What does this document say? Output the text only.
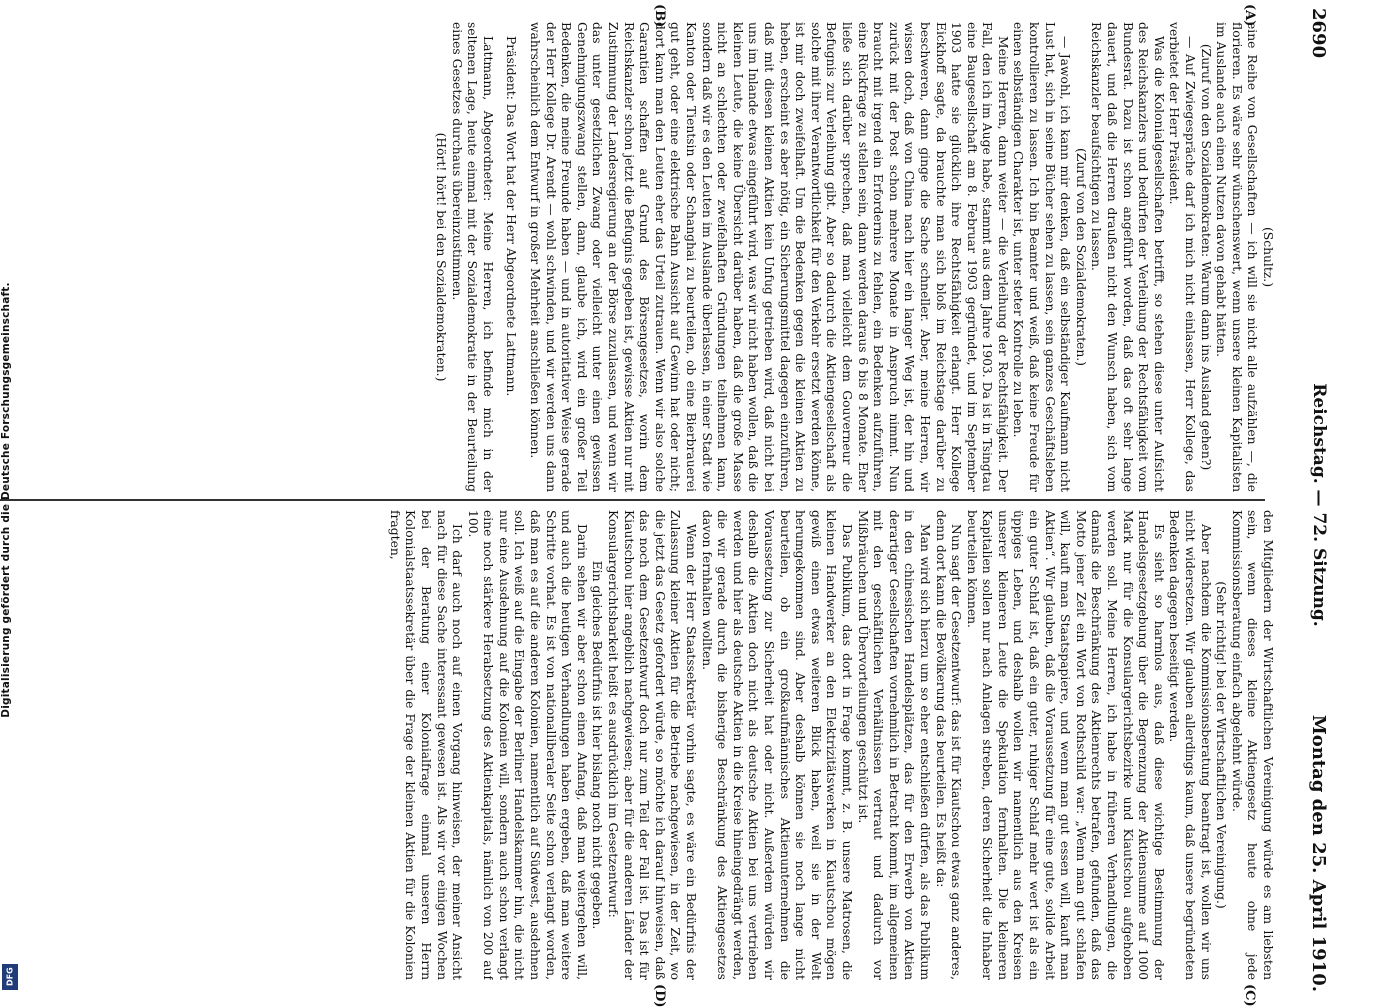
2690
Reichstag. — 72. Sitzung.
Montag den 25. April 1910.
(A)
(B)
(C)
(D)

(Schultz.)

eine Reihe von Gesellschaften — ich will sie nicht alle aufzählen —, die florieren. Es wäre sehr wünschenswert, wenn unsere kleinen Kapitalisten im Auslande auch einen Nutzen davon gehabt hätten.

(Zuruf von den Sozialdemokraten: Warum dann ins Ausland gehen?)

— Auf Zwiegespräche darf ich mich nicht einlassen, Herr Kollege, das verbietet der Herr Präsident.

Was die Kolonialgesellschaften betrifft, so stehen diese unter Aufsicht des Reichskanzlers und bedürfen der Verleihung der Rechtsfähigkeit vom Bundesrat. Dazu ist schon angeführt worden, daß das oft sehr lange dauert, und daß die Herren draußen nicht den Wunsch haben, sich vom Reichskanzler beaufsichtigen zu lassen.

(Zuruf von den Sozialdemokraten.)

— Jawohl, ich kann mir denken, daß ein selbständiger Kaufmann nicht Lust hat, sich in seine Bücher sehen zu lassen, sein ganzes Geschäftsleben kontrollieren zu lassen. Ich bin Beamter und weiß, daß keine Freude für einen selbständigen Charakter ist, unter steter Kontrolle zu leben.

Meine Herren, dann weiter — die Verleihung der Rechtsfähigkeit. Der Fall, den ich im Auge habe, stammt aus dem Jahre 1903. Da ist in Tsingtau eine Baugesellschaft am 8. Februar 1903 gegründet, und im September 1903 hatte sie glücklich ihre Rechtsfähigkeit erlangt. Herr Kollege Eickhoff sagte, da brauchte man sich bloß im Reichstage darüber zu beschweren, dann ginge die Sache schneller. Aber, meine Herren, wir wissen doch, daß von China nach hier ein langer Weg ist, der hin und zurück mit der Post schon mehrere Monate in Anspruch nimmt. Nun braucht mit irgend ein Erfordernis zu fehlen, ein Bedenken aufzuführen, eine Rückfrage zu stellen sein, dann werden daraus 6 bis 8 Monate. Eher ließe sich darüber sprechen, daß man vielleicht dem Gouverneur die Befugnis zur Verleihung gibt. Aber so dadurch die Aktiengesellschaft als solche mit ihrer Verantwortlichkeit für den Verkehr ersetzt werden könne, ist mir doch zweifelhaft. Um die Bedenken gegen die kleinen Aktien zu heben, erscheint es aber nötig, ein Sicherungsmittel dagegen einzuführen, daß mit diesen kleinen Aktien kein Unfug getrieben wird, daß nicht bei uns im Inlande etwas eingeführt wird, was wir nicht haben wollen, daß die kleinen Leute, die keine Übersicht darüber haben, daß die große Masse nicht an schlechten oder zweifelhaften Gründungen teilnehmen kann, sondern daß wir es den Leuten im Auslande überlassen, in einer Stadt wie Kanton oder Tientsin oder Schanghai zu beurteilen, ob eine Bierbrauerei gut geht, oder eine elektrische Bahn Aussicht auf Gewinn hat oder nicht; dort kann man den Leuten eher das Urteil zutrauen. Wenn wir also solche Garantien schaffen auf Grund des Börsengesetzes, worin dem Reichskanzler schon jetzt die Befugnis gegeben ist, gewisse Aktien nur mit Zustimmung der Landesregierung an der Börse zuzulassen, und wenn wir das unter gesetzlichen Zwang oder vielleicht unter einen gewissen Genehmigungszwang stellen, dann, glaube ich, wird ein großer Teil Bedenken, die meine Freunde haben — und in autoritativer Weise gerade der Herr Kollege Dr. Arendt — wohl schwinden, und wir werden uns dann wahrscheinlich dem Entwurf in großer Mehrheit anschließen können.

Präsident: Das Wort hat der Herr Abgeordnete Lattmann.

Lattmann, Abgeordneter: Meine Herren, ich befinde mich in der seltenen Lage, heute einmal mit der Sozialdemokratie in der Beurteilung eines Gesetzes durchaus übereinzustimmen.

(Hört! hört! bei den Sozialdemokraten.)

den Mitgliedern der Wirtschaftlichen Vereinigung würde es am liebsten sein, wenn dieses kleine Aktiengesetz heute ohne jede Kommissionsberatung einfach abgelehnt würde.

(Sehr richtig! bei der Wirtschaftlichen Vereinigung.)

Aber nachdem die Kommissionsberatung beantragt ist, wollen wir uns nicht widersetzen. Wir glauben allerdings kaum, daß unsere begründeten Bedenken dagegen beseitigt werden.

Es sieht so harmlos aus, daß diese wichtige Bestimmung der Handelsgesetzgebung über die Begrenzung der Aktiensumme auf 1000 Mark nur für die Konsulargerichtsbezirke und Kiautschou aufgehoben werden soll. Meine Herren, ich habe in früheren Verhandlungen, die damals die Beschränkung des Aktienrechts betrafen, gefunden, daß das Motto jener Zeit ein Wort von Rothschild war: „Wenn man gut schlafen will, kauft man Staatspapiere, und wenn man gut essen will, kauft man Aktien“. Wir glauben, daß die Voraussetzung für eine gute, solide Arbeit ein guter Schlaf ist, daß ein guter, ruhiger Schlaf mehr wert ist als ein üppiges Leben, und deshalb wollen wir namentlich aus den Kreisen unserer kleineren Leute die Spekulation fernhalten. Die kleineren Kapitalien sollen nur nach Anlagen streben, deren Sicherheit die Inhaber beurteilen können.

Nun sagt der Gesetzentwurf: das ist für Kiautschou etwas ganz anderes, denn dort kann die Bevölkerung das beurteilen. Es heißt da:

Man wird sich hierzu um so eher entschließen dürfen, als das Publikum in den chinesischen Handelsplätzen, das für den Erwerb von Aktien derartiger Gesellschaften vornehmlich in Betracht kommt, im allgemeinen mit den geschäftlichen Verhältnissen vertraut und dadurch vor Mißbräuchen und Übervorteilungen geschützt ist.

Das Publikum, das dort in Frage kommt, z. B. unsere Matrosen, die kleinen Handwerker an den Elektrizitätswerken in Kiautschou mögen gewiß einen etwas weiteren Blick haben, weil sie in der Welt herumgekommen sind. Aber deshalb können sie noch lange nicht beurteilen, ob ein großkaufmännisches Aktienunternehmen die Voraussetzung zur Sicherheit hat oder nicht. Außerdem würden wir deshalb die Aktien doch nicht als deutsche Aktien bei uns vertrieben werden und hier als deutsche Aktien in die Kreise hineingedrängt werden, die wir gerade durch die bisherige Beschränkung des Aktiengesetzes davon fernhalten wollten.

Wenn der Herr Staatssekretär vorhin sagte, es wäre ein Bedürfnis der Zulassung kleiner Aktien für die Betriebe nachgewiesen, in der Zeit, wo die jetzt das Gesetz gefordert würde, so möchte ich darauf hinweisen, daß das noch dem Gesetzentwurf doch nur zum Teil der Fall ist. Das ist für Kiautschou hier angeblich nachgewiesen; aber für die anderen Länder der Konsulargerichtsbarkeit heißt es ausdrücklich im Gesetzentwurf:

Ein gleiches Bedürfnis ist hier bislang noch nicht gegeben.

Darin sehen wir aber schon einen Anfang, daß man weitergehen will, und auch die heutigen Verhandlungen haben ergeben, daß man weitere Schritte vorhat. Es ist von nationalliberaler Seite schon verlangt worden, daß man es auf die anderen Kolonien, namentlich auf Südwest, ausdehnen soll. Ich weiß auf die Eingabe der Berliner Handelskammer hin, die nicht nur eine Ausdehnung auf die Kolonien will, sondern auch schon verlangt eine noch stärkere Herabsetzung des Aktienkapitals, nämlich von 200 auf 100.

Ich darf auch noch auf einen Vorgang hinweisen, der meiner Ansicht nach für diese Sache interessant gewesen ist. Als wir vor einigen Wochen bei der Beratung einer Kolonialfrage einmal unseren Herrn Kolonialstaatssekretär über die Frage der kleinen Aktien für die Kolonien fragten,

Digitalisierung gefördert durch die Deutsche Forschungsgemeinschaft.
DFG
